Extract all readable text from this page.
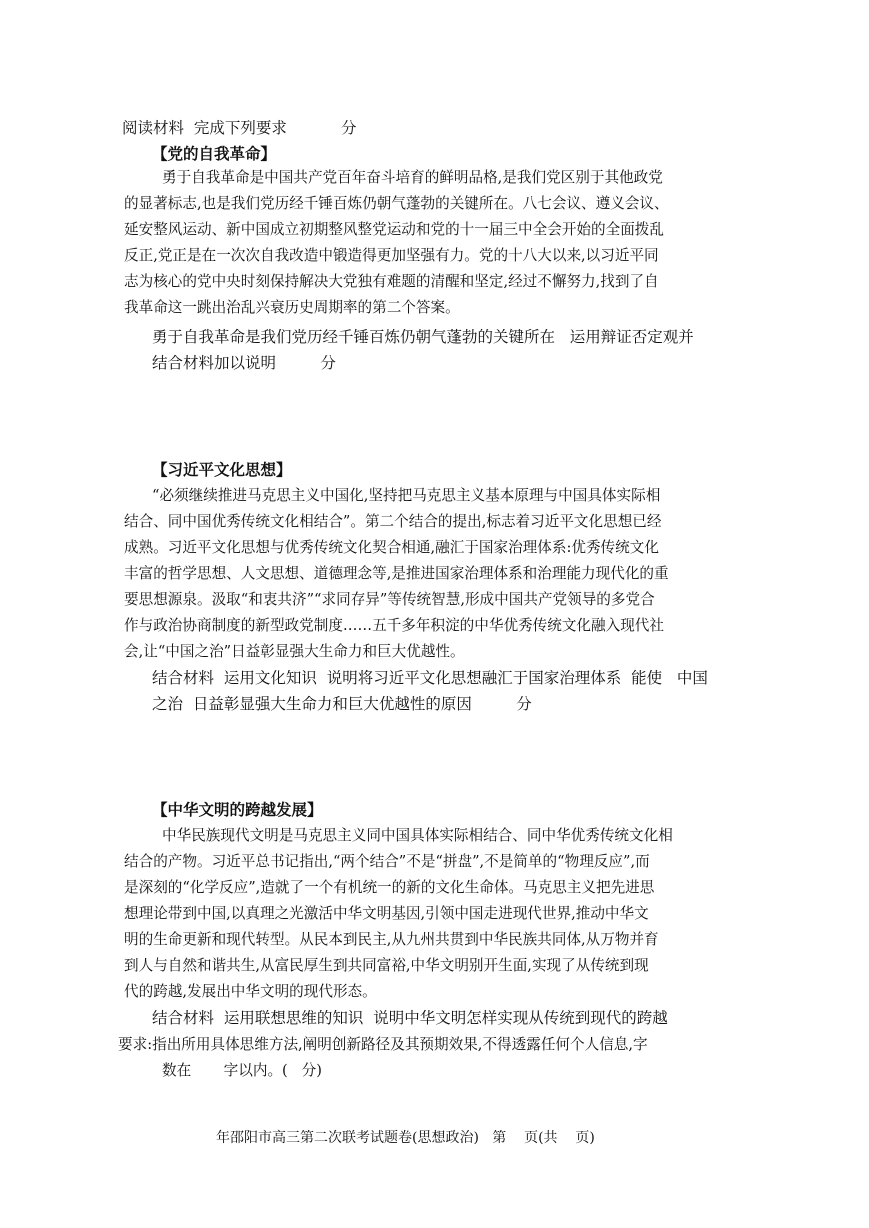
阅读材料  完成下列要求           分
【党的自我革命】
勇于自我革命是中国共产党百年奋斗培育的鲜明品格,是我们党区别于其他政党
的显著标志,也是我们党历经千锤百炼仍朝气蓬勃的关键所在。八七会议、遵义会议、
延安整风运动、新中国成立初期整风整党运动和党的十一届三中全会开始的全面拨乱
反正,党正是在一次次自我改造中锻造得更加坚强有力。党的十八大以来,以习近平同
志为核心的党中央时刻保持解决大党独有难题的清醒和坚定,经过不懈努力,找到了自
我革命这一跳出治乱兴衰历史周期率的第二个答案。
勇于自我革命是我们党历经千锤百炼仍朝气蓬勃的关键所在   运用辩证否定观并
结合材料加以说明         分
【习近平文化思想】
“必须继续推进马克思主义中国化,坚持把马克思主义基本原理与中国具体实际相
结合、同中国优秀传统文化相结合”。第二个结合的提出,标志着习近平文化思想已经
成熟。习近平文化思想与优秀传统文化契合相通,融汇于国家治理体系:优秀传统文化
丰富的哲学思想、人文思想、道德理念等,是推进国家治理体系和治理能力现代化的重
要思想源泉。汲取“和衷共济”“求同存异”等传统智慧,形成中国共产党领导的多党合
作与政治协商制度的新型政党制度……五千多年积淀的中华优秀传统文化融入现代社
会,让“中国之治”日益彰显强大生命力和巨大优越性。
结合材料  运用文化知识  说明将习近平文化思想融汇于国家治理体系  能使   中国
之治  日益彰显强大生命力和巨大优越性的原因         分
【中华文明的跨越发展】
中华民族现代文明是马克思主义同中国具体实际相结合、同中华优秀传统文化相
结合的产物。习近平总书记指出,“两个结合”不是“拼盘”,不是简单的“物理反应”,而
是深刻的“化学反应”,造就了一个有机统一的新的文化生命体。马克思主义把先进思
想理论带到中国,以真理之光激活中华文明基因,引领中国走进现代世界,推动中华文
明的生命更新和现代转型。从民本到民主,从九州共贯到中华民族共同体,从万物并育
到人与自然和谐共生,从富民厚生到共同富裕,中华文明别开生面,实现了从传统到现
代的跨越,发展出中华文明的现代形态。
结合材料  运用联想思维的知识  说明中华文明怎样实现从传统到现代的跨越
要求:指出所用具体思维方法,阐明创新路径及其预期效果,不得透露任何个人信息,字
数在       字以内。(   分)
年邵阳市高三第二次联考试题卷(思想政治)   第    页(共    页)
